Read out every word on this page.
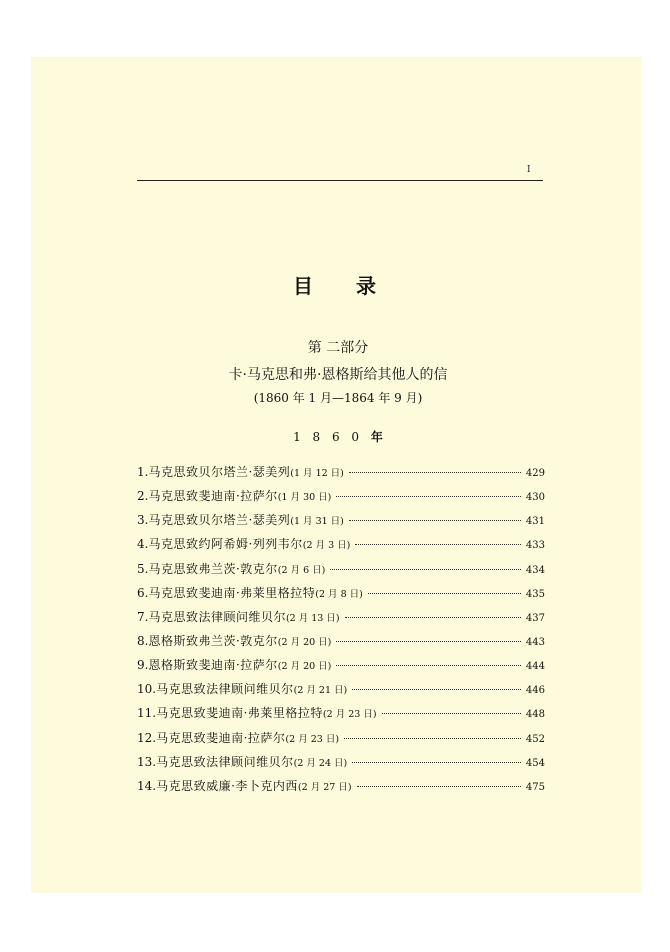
I
目　　录
第 二部分
卡·马克思和弗·恩格斯给其他人的信
(1860 年 1 月—1864 年 9 月)
1 8 6 0 年
1. 马克思致贝尔塔兰·瑟美列 (1 月 12 日)	429
2. 马克思致斐迪南·拉萨尔 (1 月 30 日)	430
3. 马克思致贝尔塔兰·瑟美列 (1 月 31 日)	431
4. 马克思致约阿希姆·列列韦尔 (2 月 3 日)	433
5. 马克思致弗兰茨·敦克尔 (2 月 6 日)	434
6. 马克思致斐迪南·弗莱里格拉特 (2 月 8 日)	435
7. 马克思致法律顾问维贝尔 (2 月 13 日)	437
8. 恩格斯致弗兰茨·敦克尔 (2 月 20 日)	443
9. 恩格斯致斐迪南·拉萨尔 (2 月 20 日)	444
10. 马克思致法律顾问维贝尔 (2 月 21 日)	446
11. 马克思致斐迪南·弗莱里格拉特 (2 月 23 日)	448
12. 马克思致斐迪南·拉萨尔 (2 月 23 日)	452
13. 马克思致法律顾问维贝尔 (2 月 24 日)	454
14. 马克思致威廉·李卜克内西 (2 月 27 日)	475
